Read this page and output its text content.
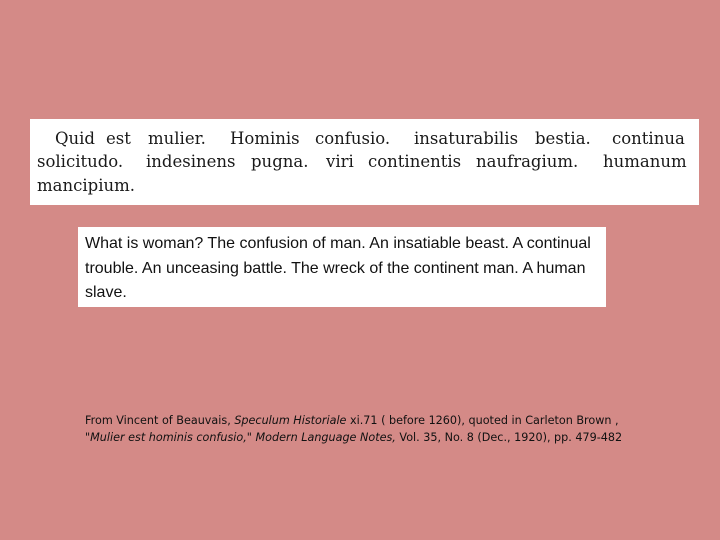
Quid est mulier. Hominis confusio. insaturabilis bestia. continua
solicitudo. indesinens pugna. viri continentis naufragium. humanum
mancipium.
What is woman? The confusion of man. An insatiable beast. A continual trouble. An unceasing battle. The wreck of the continent man. A human slave.
From Vincent of Beauvais, Speculum Historiale xi.71 ( before 1260), quoted in Carleton Brown , "Mulier est hominis confusio," Modern Language Notes, Vol. 35, No. 8 (Dec., 1920), pp. 479-482
